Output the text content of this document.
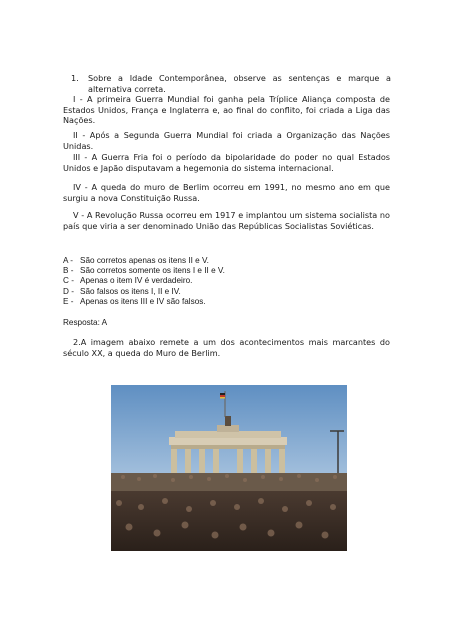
1.	Sobre a Idade Contemporânea, observe as sentenças e marque a alternativa correta.

I - A primeira Guerra Mundial foi ganha pela Tríplice Aliança composta de Estados Unidos, França e Inglaterra e, ao final do conflito, foi criada a Liga das Nações.

II - Após a Segunda Guerra Mundial foi criada a Organização das Nações Unidas.

III - A Guerra Fria foi o período da bipolaridade do poder no qual Estados Unidos e Japão disputavam a hegemonia do sistema internacional.

IV - A queda do muro de Berlim ocorreu em 1991, no mesmo ano em que surgiu a nova Constituição Russa.

V - A Revolução Russa ocorreu em 1917 e implantou um sistema socialista no país que viria a ser denominado União das Repúblicas Socialistas Soviéticas.

A - São corretos apenas os itens II e V.
B - São corretos somente os itens I e II e V.
C - Apenas o item IV é verdadeiro.
D - São falsos os itens I, II e IV.
E - Apenas os itens III e IV são falsos.
Resposta: A

2.A imagem abaixo remete a um dos acontecimentos mais marcantes do século XX, a queda do Muro de Berlim.
